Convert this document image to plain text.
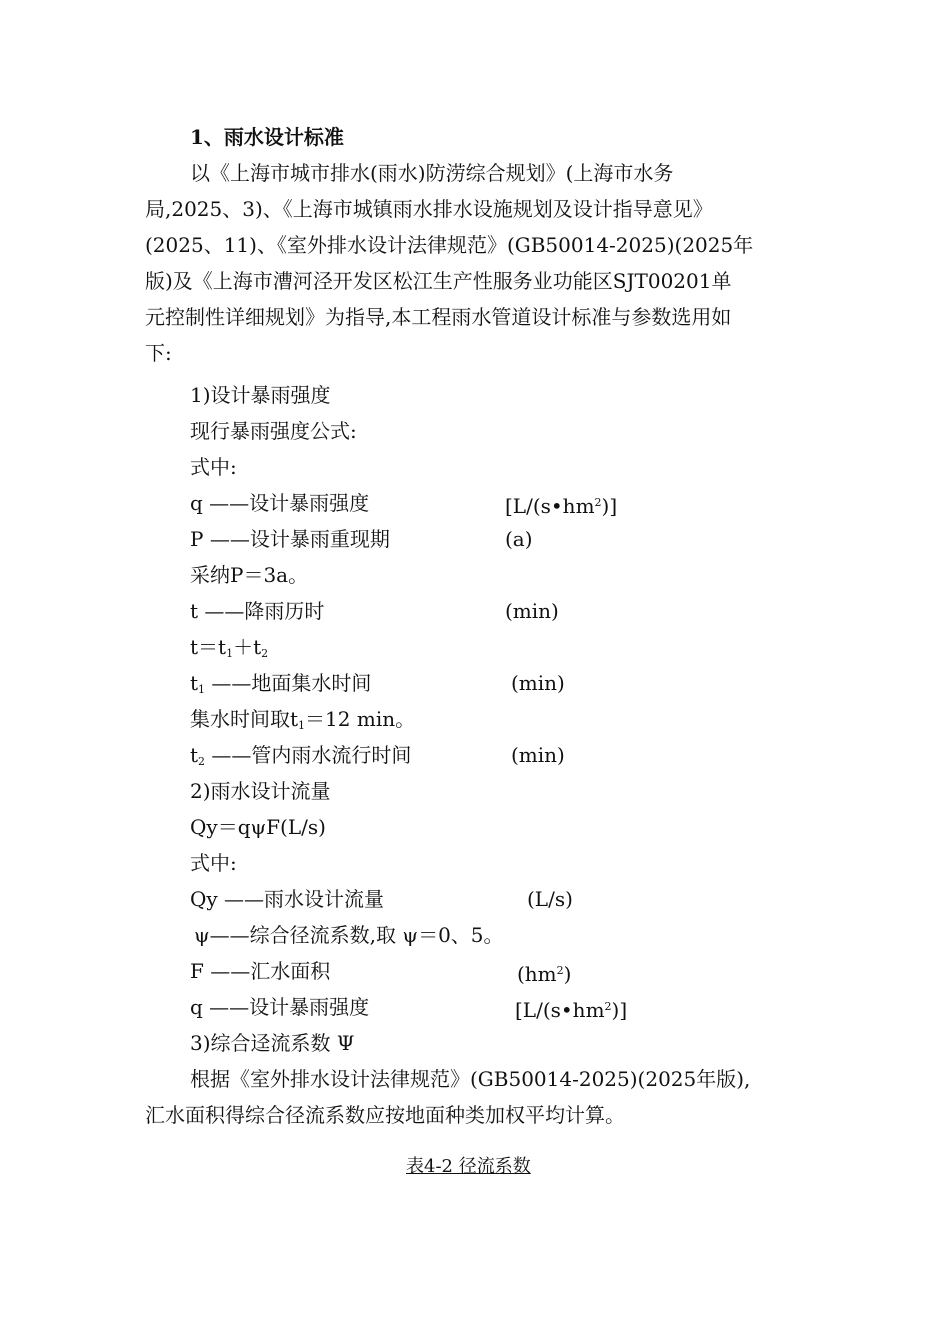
1、雨水设计标准
以《上海市城市排水(雨水)防涝综合规划》(上海市水务
局,2025、3)、《上海市城镇雨水排水设施规划及设计指导意见》
(2025、11)、《室外排水设计法律规范》(GB50014-2025)(2025年
版)及《上海市漕河泾开发区松江生产性服务业功能区SJT00201单
元控制性详细规划》为指导,本工程雨水管道设计标准与参数选用如
下:
1)设计暴雨强度
现行暴雨强度公式:
式中:
q ——设计暴雨强度	$[L/(s•hm^2)]$
P ——设计暴雨重现期	(a)
采纳P＝3a。
t ——降雨历时	(min)
$t=t_1+t_2$
$t_1$ ——地面集水时间	(min)
集水时间取$t_1=12$ min。
$t_2$ ——管内雨水流行时间	(min)
2)雨水设计流量
Qy＝qψF(L/s)
式中:
Qy ——雨水设计流量	(L/s)
ψ——综合径流系数,取 ψ＝0、5。
F ——汇水面积	$(hm^2)$
q ——设计暴雨强度	$[L/(s•hm^2)]$
3)综合迳流系数 Ψ
根据《室外排水设计法律规范》(GB50014-2025)(2025年版),
汇水面积得综合径流系数应按地面种类加权平均计算。
表4-2 径流系数
